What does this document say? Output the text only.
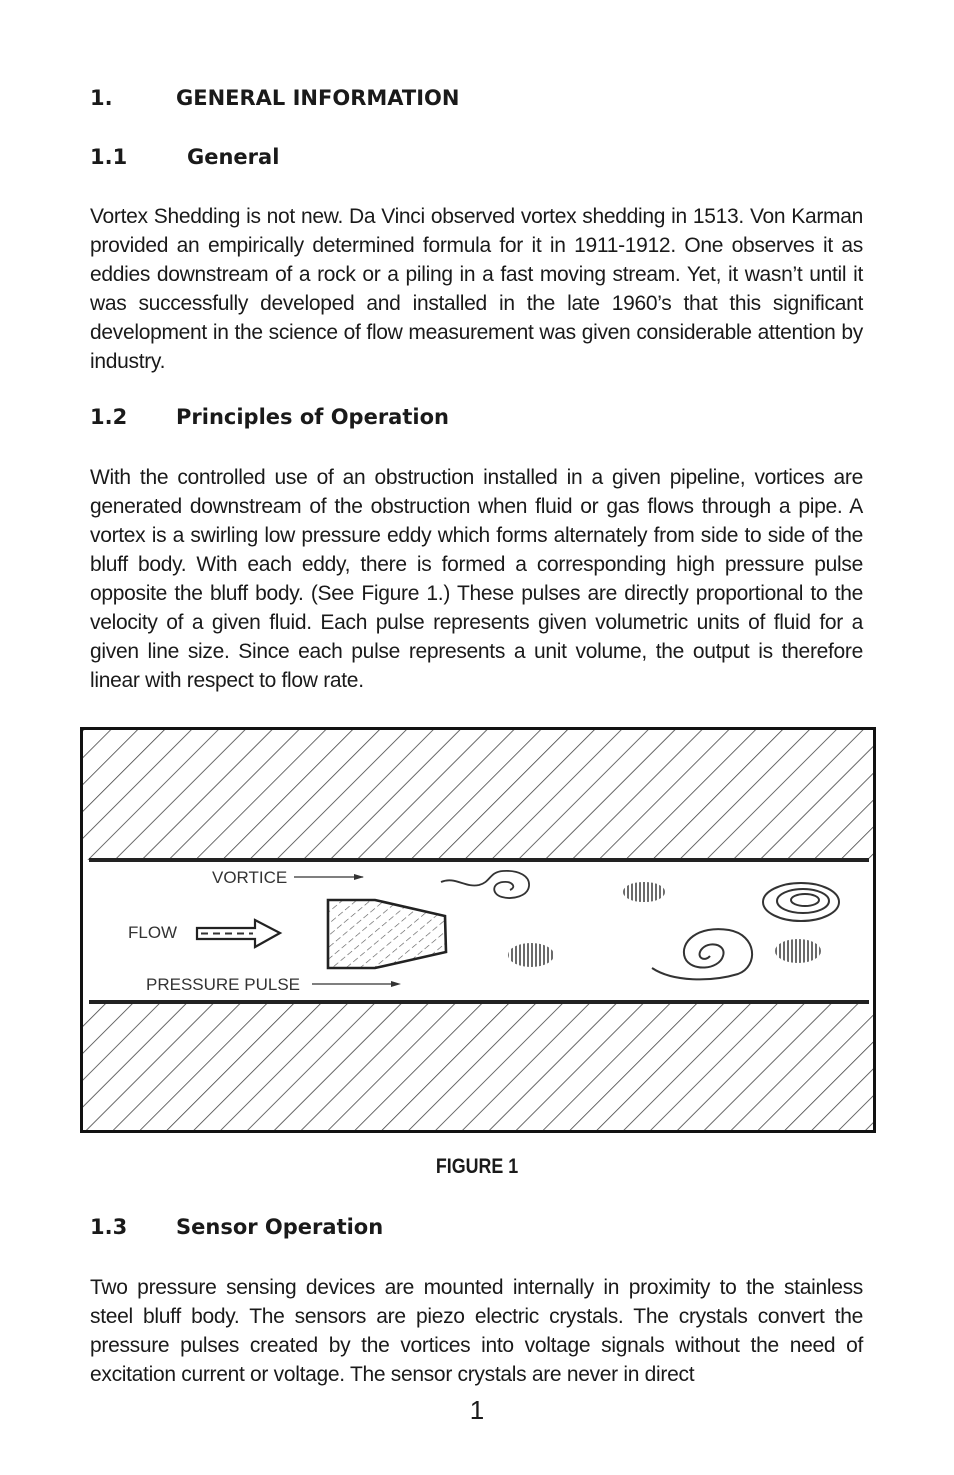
1.	GENERAL INFORMATION
1.1	General

Vortex Shedding is not new. Da Vinci observed vortex shedding in 1513. Von Karman provided an empirically determined formula for it in 1911-1912. One observes it as eddies downstream of a rock or a piling in a fast moving stream. Yet, it wasn’t until it was successfully developed and installed in the late 1960’s that this significant development in the science of flow measurement was given considerable attention by industry.

1.2 Principles of Operation

With the controlled use of an obstruction installed in a given pipeline, vortices are generated downstream of the obstruction when fluid or gas flows through a pipe. A vortex is a swirling low pressure eddy which forms alternately from side to side of the bluff body. With each eddy, there is formed a corresponding high pressure pulse opposite the bluff body. (See Figure 1.) These pulses are directly proportional to the velocity of a given fluid. Each pulse represents given volumetric units of fluid for a given line size. Since each pulse represents a unit volume, the output is therefore linear with respect to flow rate.

VORTICE
FLOW
PRESSURE PULSE
FIGURE 1
1.3 Sensor Operation

Two pressure sensing devices are mounted internally in proximity to the stainless steel bluff body. The sensors are piezo electric crystals. The crystals convert the pressure pulses created by the vortices into voltage signals without the need of excitation current or voltage. The sensor crystals are never in direct

1
